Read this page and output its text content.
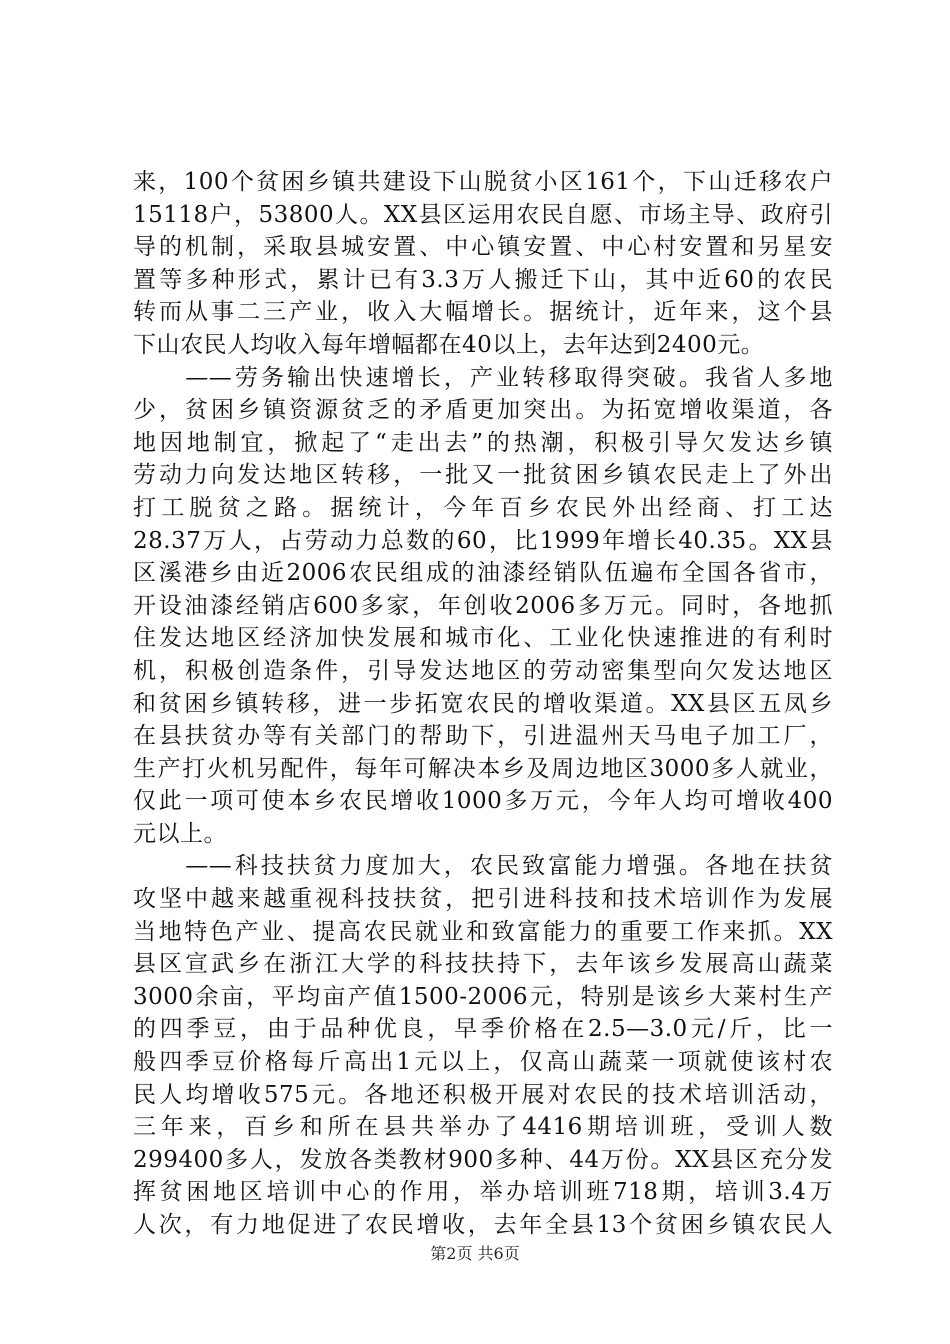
来，100个贫困乡镇共建设下山脱贫小区161个，下山迁移农户
15118户，53800人。XX县区运用农民自愿、市场主导、政府引
导的机制，采取县城安置、中心镇安置、中心村安置和另星安
置等多种形式，累计已有3.3万人搬迁下山，其中近60的农民
转而从事二三产业，收入大幅增长。据统计，近年来，这个县
下山农民人均收入每年增幅都在40以上，去年达到2400元。
　　——劳务输出快速增长，产业转移取得突破。我省人多地
少，贫困乡镇资源贫乏的矛盾更加突出。为拓宽增收渠道，各
地因地制宜，掀起了“走出去”的热潮，积极引导欠发达乡镇
劳动力向发达地区转移，一批又一批贫困乡镇农民走上了外出
打工脱贫之路。据统计，今年百乡农民外出经商、打工达
28.37万人，占劳动力总数的60，比1999年增长40.35。XX县
区溪港乡由近2006农民组成的油漆经销队伍遍布全国各省市，
开设油漆经销店600多家，年创收2006多万元。同时，各地抓
住发达地区经济加快发展和城市化、工业化快速推进的有利时
机，积极创造条件，引导发达地区的劳动密集型向欠发达地区
和贫困乡镇转移，进一步拓宽农民的增收渠道。XX县区五凤乡
在县扶贫办等有关部门的帮助下，引进温州天马电子加工厂，
生产打火机另配件，每年可解决本乡及周边地区3000多人就业，
仅此一项可使本乡农民增收1000多万元，今年人均可增收400
元以上。
　　——科技扶贫力度加大，农民致富能力增强。各地在扶贫
攻坚中越来越重视科技扶贫，把引进科技和技术培训作为发展
当地特色产业、提高农民就业和致富能力的重要工作来抓。XX
县区宣武乡在浙江大学的科技扶持下，去年该乡发展高山蔬菜
3000余亩，平均亩产值1500-2006元，特别是该乡大莱村生产
的四季豆，由于品种优良，早季价格在2.5—3.0元/斤，比一
般四季豆价格每斤高出1元以上，仅高山蔬菜一项就使该村农
民人均增收575元。各地还积极开展对农民的技术培训活动，
三年来，百乡和所在县共举办了4416期培训班，受训人数
299400多人，发放各类教材900多种、44万份。XX县区充分发
挥贫困地区培训中心的作用，举办培训班718期，培训3.4万
人次，有力地促进了农民增收，去年全县13个贫困乡镇农民人
第2页 共6页
